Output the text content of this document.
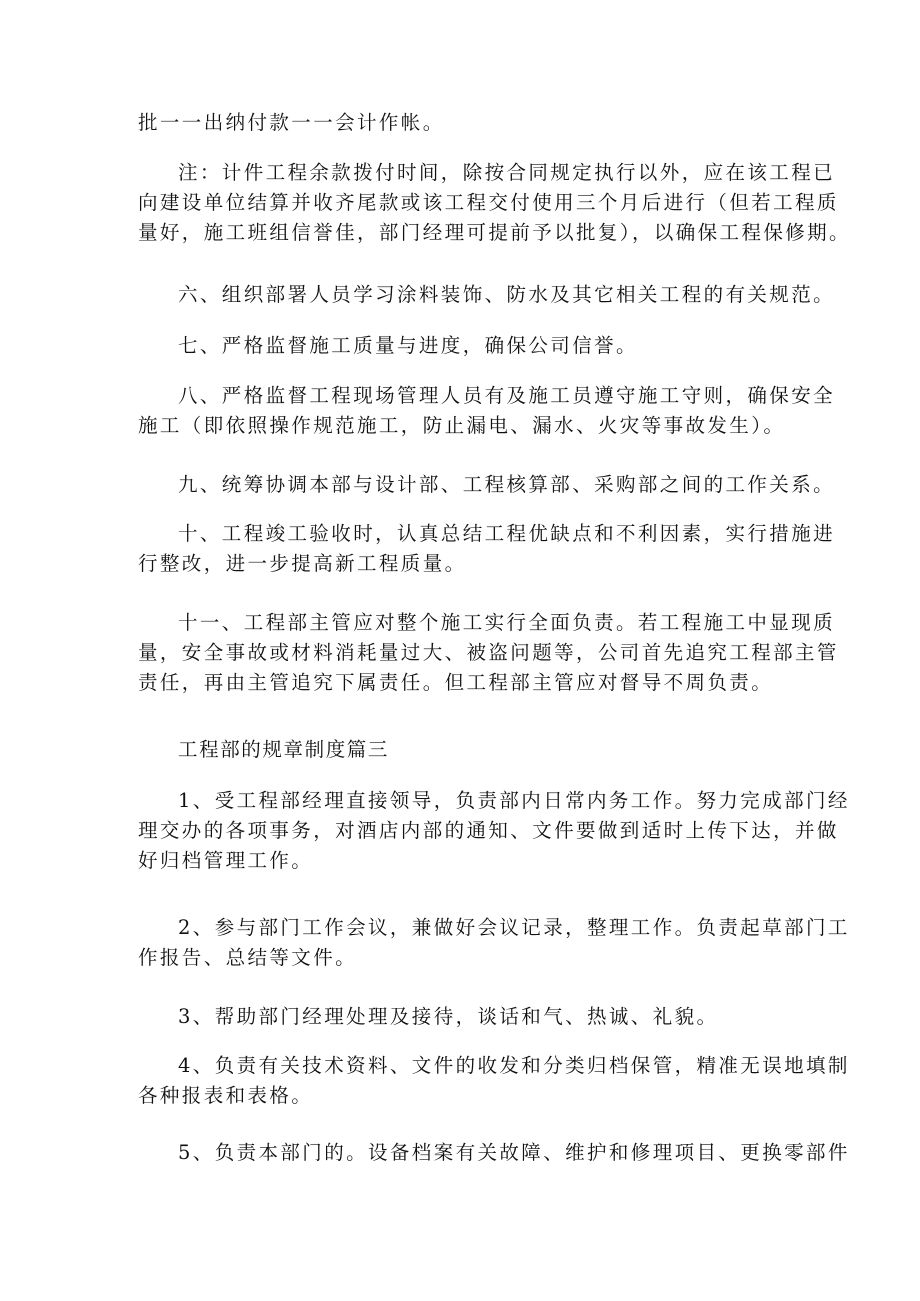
批一一出纳付款一一会计作帐。

注：计件工程余款拨付时间，除按合同规定执行以外，应在该工程已
向建设单位结算并收齐尾款或该工程交付使用三个月后进行（但若工程质
量好，施工班组信誉佳，部门经理可提前予以批复），以确保工程保修期。

六、组织部署人员学习涂料装饰、防水及其它相关工程的有关规范。

七、严格监督施工质量与进度，确保公司信誉。

八、严格监督工程现场管理人员有及施工员遵守施工守则，确保安全
施工（即依照操作规范施工，防止漏电、漏水、火灾等事故发生）。

九、统筹协调本部与设计部、工程核算部、采购部之间的工作关系。

十、工程竣工验收时，认真总结工程优缺点和不利因素，实行措施进
行整改，进一步提高新工程质量。

十一、工程部主管应对整个施工实行全面负责。若工程施工中显现质
量，安全事故或材料消耗量过大、被盗问题等，公司首先追究工程部主管
责任，再由主管追究下属责任。但工程部主管应对督导不周负责。

工程部的规章制度篇三

1、受工程部经理直接领导，负责部内日常内务工作。努力完成部门经
理交办的各项事务，对酒店内部的通知、文件要做到适时上传下达，并做
好归档管理工作。

2、参与部门工作会议，兼做好会议记录，整理工作。负责起草部门工
作报告、总结等文件。

3、帮助部门经理处理及接待，谈话和气、热诚、礼貌。

4、负责有关技术资料、文件的收发和分类归档保管，精准无误地填制
各种报表和表格。

5、负责本部门的。设备档案有关故障、维护和修理项目、更换零部件
